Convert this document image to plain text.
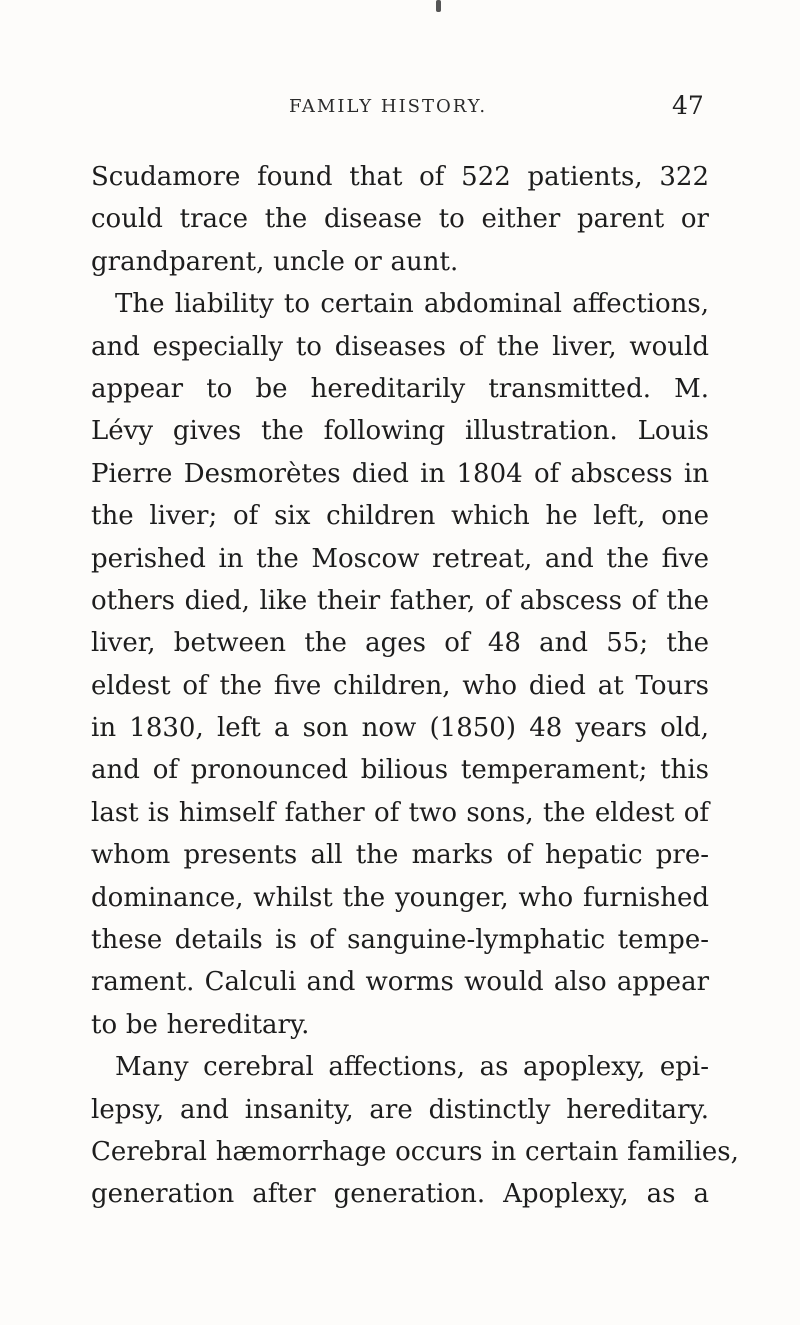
FAMILY HISTORY.	47
Scudamore found that of 522 patients, 322
could trace the disease to either parent or
grandparent, uncle or aunt.
The liability to certain abdominal affections,
and especially to diseases of the liver, would
appear to be hereditarily transmitted. M.
Lévy gives the following illustration. Louis
Pierre Desmorètes died in 1804 of abscess in
the liver; of six children which he left, one
perished in the Moscow retreat, and the five
others died, like their father, of abscess of the
liver, between the ages of 48 and 55; the
eldest of the five children, who died at Tours
in 1830, left a son now (1850) 48 years old,
and of pronounced bilious temperament; this
last is himself father of two sons, the eldest of
whom presents all the marks of hepatic pre-
dominance, whilst the younger, who furnished
these details is of sanguine-lymphatic tempe-
rament. Calculi and worms would also appear
to be hereditary.
Many cerebral affections, as apoplexy, epi-
lepsy, and insanity, are distinctly hereditary.
Cerebral hæmorrhage occurs in certain families,
generation after generation. Apoplexy, as a
